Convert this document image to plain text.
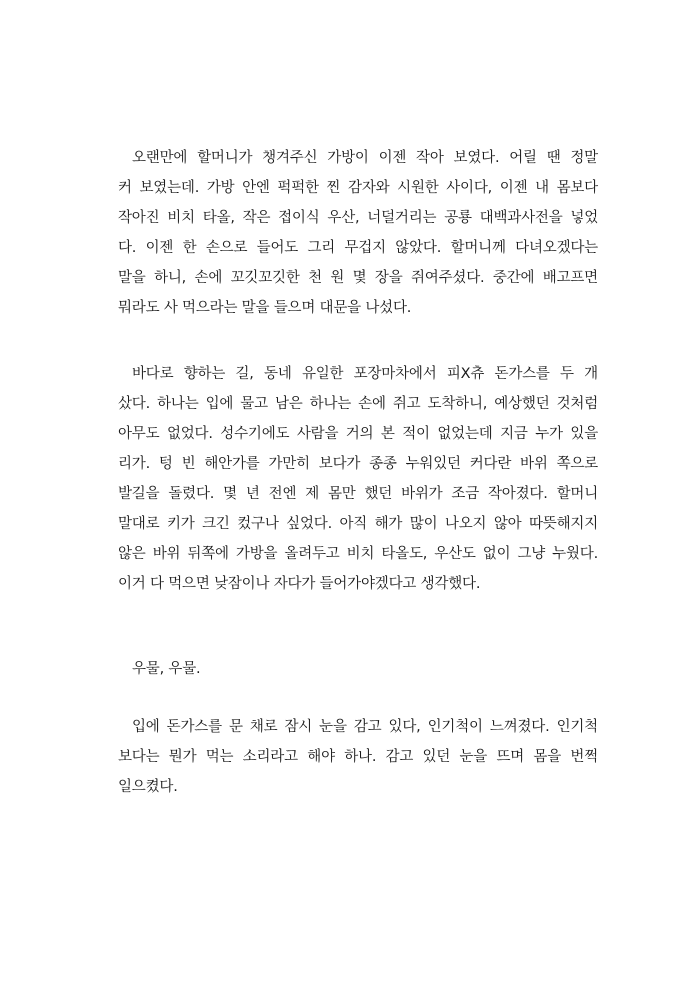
오랜만에 할머니가 챙겨주신 가방이 이젠 작아 보였다. 어릴 땐 정말
커 보였는데. 가방 안엔 퍽퍽한 찐 감자와 시원한 사이다, 이젠 내 몸보다
작아진 비치 타올, 작은 접이식 우산, 너덜거리는 공룡 대백과사전을 넣었
다. 이젠 한 손으로 들어도 그리 무겁지 않았다. 할머니께 다녀오겠다는
말을 하니, 손에 꼬깃꼬깃한 천 원 몇 장을 쥐여주셨다. 중간에 배고프면
뭐라도 사 먹으라는 말을 들으며 대문을 나섰다.
바다로 향하는 길, 동네 유일한 포장마차에서 피X츄 돈가스를 두 개
샀다. 하나는 입에 물고 남은 하나는 손에 쥐고 도착하니, 예상했던 것처럼
아무도 없었다. 성수기에도 사람을 거의 본 적이 없었는데 지금 누가 있을
리가. 텅 빈 해안가를 가만히 보다가 종종 누워있던 커다란 바위 쪽으로
발길을 돌렸다. 몇 년 전엔 제 몸만 했던 바위가 조금 작아졌다. 할머니
말대로 키가 크긴 컸구나 싶었다. 아직 해가 많이 나오지 않아 따뜻해지지
않은 바위 뒤쪽에 가방을 올려두고 비치 타올도, 우산도 없이 그냥 누웠다.
이거 다 먹으면 낮잠이나 자다가 들어가야겠다고 생각했다.
우물, 우물.
입에 돈가스를 문 채로 잠시 눈을 감고 있다, 인기척이 느껴졌다. 인기척
보다는 뭔가 먹는 소리라고 해야 하나. 감고 있던 눈을 뜨며 몸을 번쩍
일으켰다.
